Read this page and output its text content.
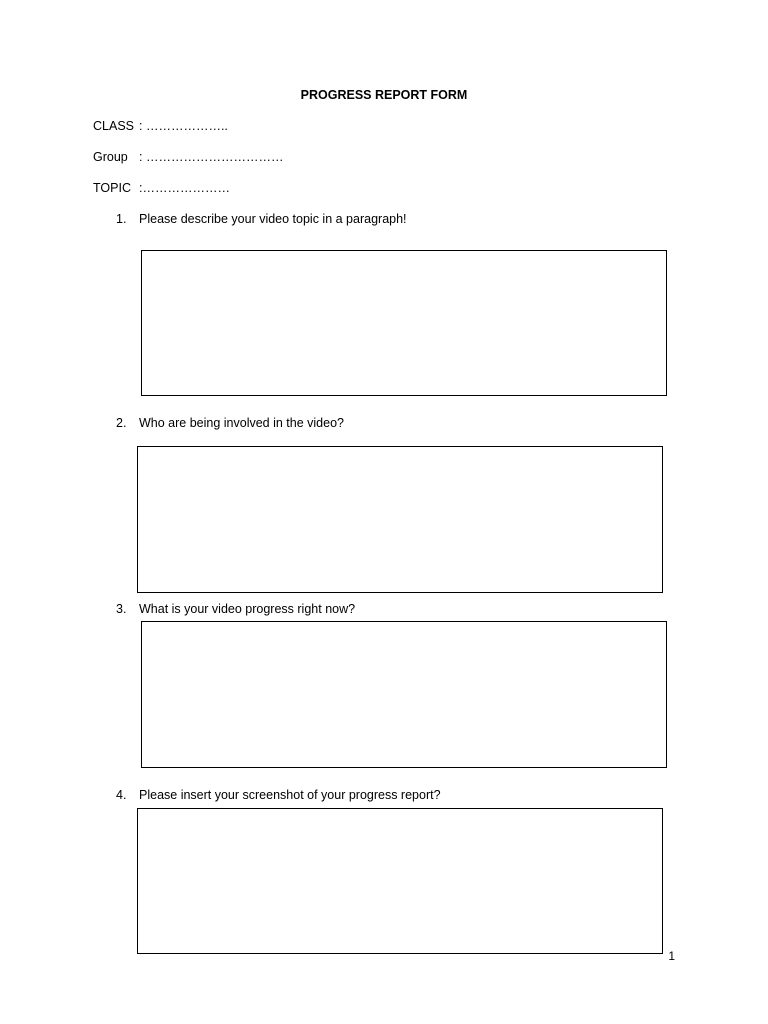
PROGRESS REPORT FORM
CLASS : ………………..
Group : ……………………………
TOPIC :…………………
1. Please describe your video topic in a paragraph!
2. Who are being involved in the video?
3. What is your video progress right now?
4. Please insert your screenshot of your progress report?
1
